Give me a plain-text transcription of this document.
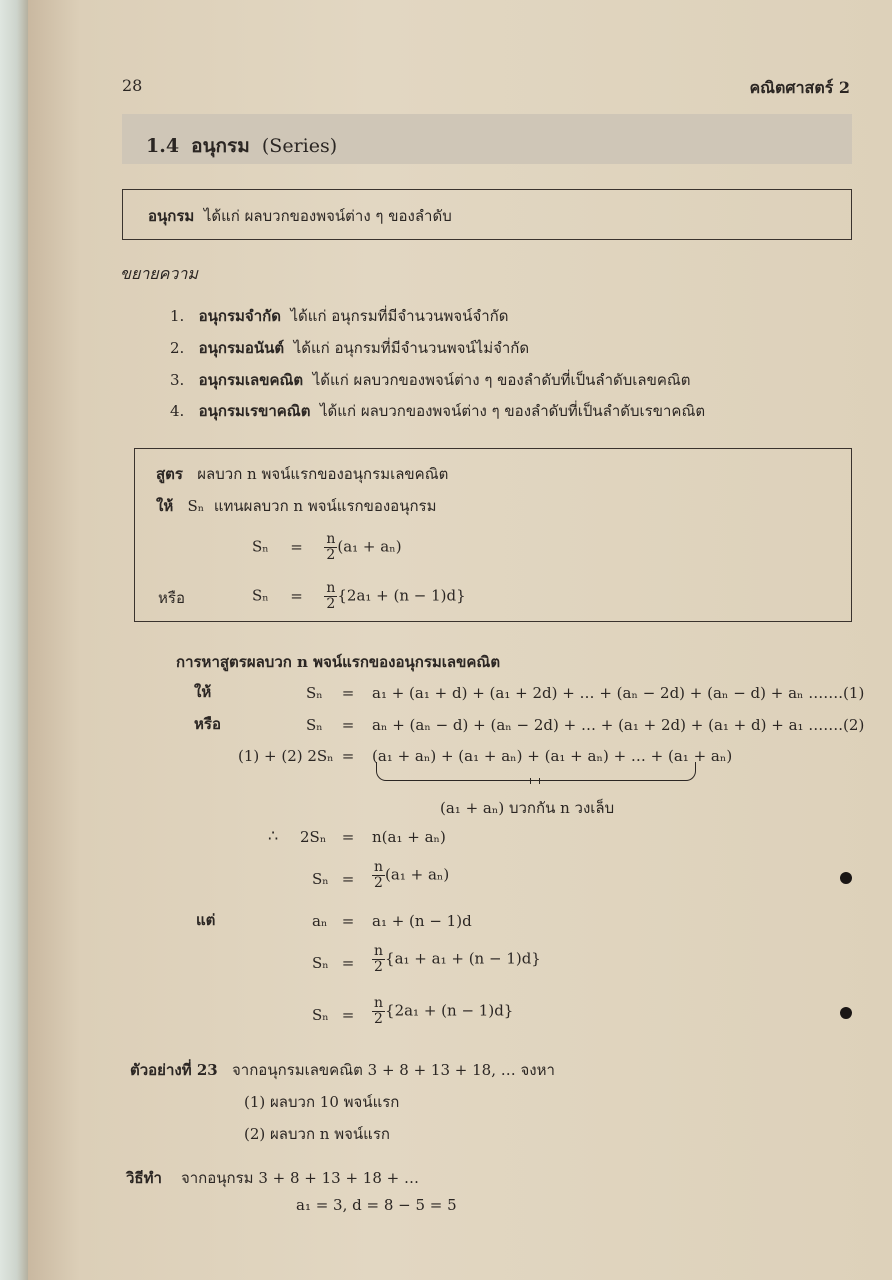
28	คณิตศาสตร์ 2
1.4 อนุกรม (Series)
อนุกรม ได้แก่ ผลบวกของพจน์ต่าง ๆ ของลำดับ
ขยายความ
1. อนุกรมจำกัด ได้แก่ อนุกรมที่มีจำนวนพจน์จำกัด
2. อนุกรมอนันต์ ได้แก่ อนุกรมที่มีจำนวนพจน์ไม่จำกัด
3. อนุกรมเลขคณิต ได้แก่ ผลบวกของพจน์ต่าง ๆ ของลำดับที่เป็นลำดับเลขคณิต
4. อนุกรมเรขาคณิต ได้แก่ ผลบวกของพจน์ต่าง ๆ ของลำดับที่เป็นลำดับเรขาคณิต
สูตร ผลบวก n พจน์แรกของอนุกรมเลขคณิต
ให้ Sₙ แทนผลบวก n พจน์แรกของอนุกรม
$S_n = \frac{n}{2} (a_1 + a_n)$
หรือ	$S_n = \frac{n}{2} \{2a_1 + (n - 1)d\}$
การหาสูตรผลบวก n พจน์แรกของอนุกรมเลขคณิต
ให้	Sₙ = a₁ + (a₁ + d) + (a₁ + 2d) + … + (aₙ − 2d) + (aₙ − d) + aₙ …….(1)
หรือ	Sₙ = aₙ + (aₙ − d) + (aₙ − 2d) + … + (a₁ + 2d) + (a₁ + d) + a₁ …….(2)
(1) + (2) 2Sₙ = (a₁ + aₙ) + (a₁ + aₙ) + (a₁ + aₙ) + … + (a₁ + aₙ)
(a₁ + aₙ) บวกกัน n วงเล็บ
∴ 2Sₙ = n(a₁ + aₙ)
$S_n = \frac{n}{2} (a_1 + a_n)$
แต่	aₙ = a₁ + (n − 1)d
$S_n = \frac{n}{2} \{a_1 + a_1 + (n - 1)d\}$
$S_n = \frac{n}{2} \{2a_1 + (n - 1)d\}$
ตัวอย่างที่ 23 จากอนุกรมเลขคณิต 3 + 8 + 13 + 18, … จงหา
(1) ผลบวก 10 พจน์แรก
(2) ผลบวก n พจน์แรก
วิธีทำ จากอนุกรม 3 + 8 + 13 + 18 + …
a₁ = 3, d = 8 − 5 = 5
